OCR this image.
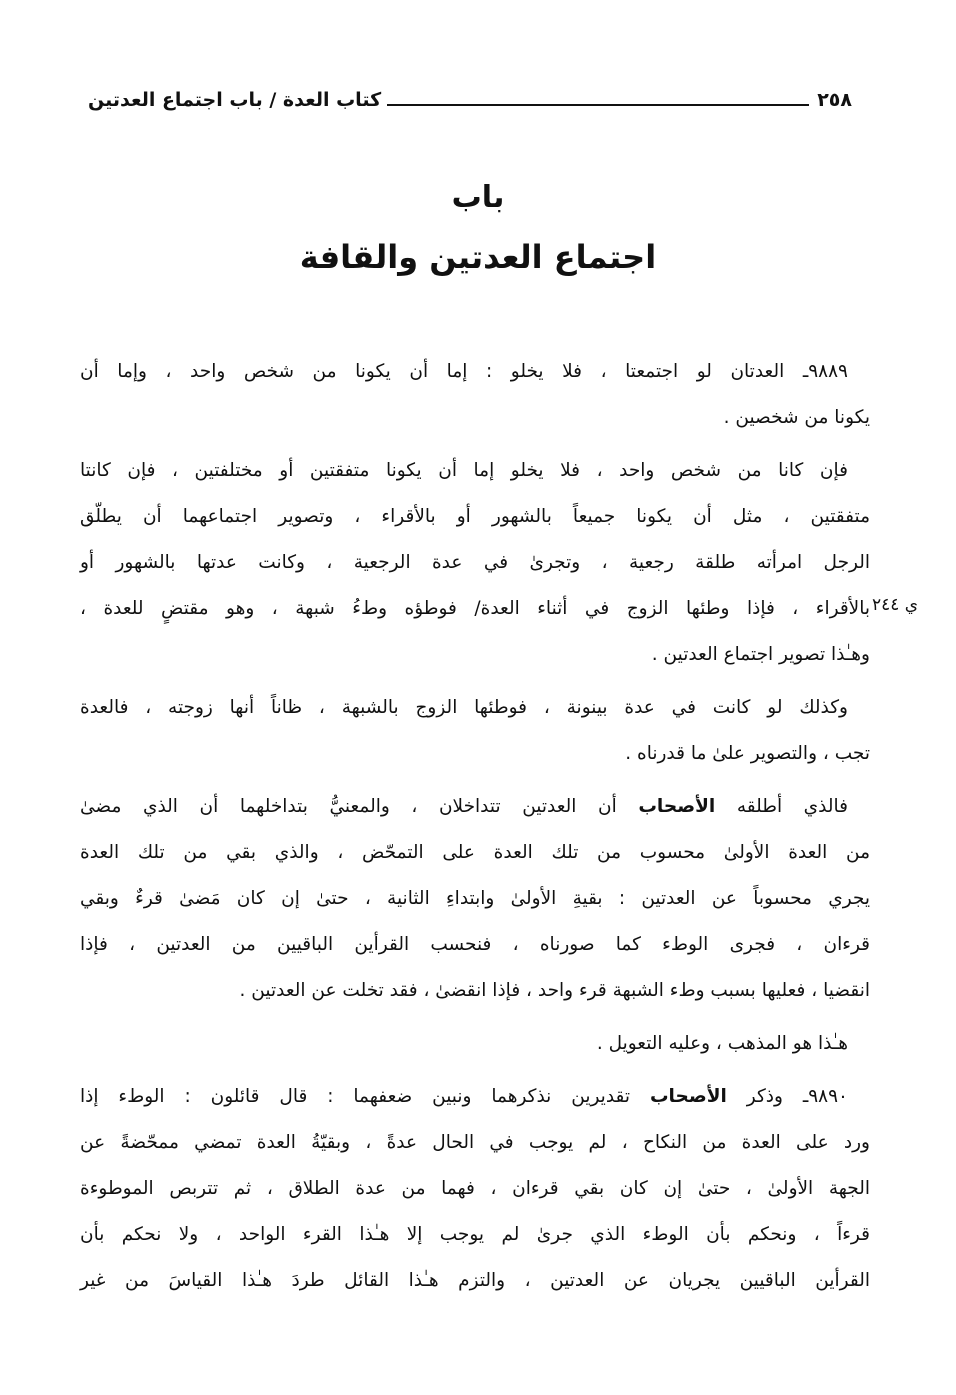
٢٥٨
كتاب العدة / باب اجتماع العدتين
باب
اجتماع العدتين والقافة
ي ٢٤٤
٩٨٨٩ـ العدتان لو اجتمعتا ، فلا يخلو : إما أن يكونا من شخص واحد ، وإما أن
يكونا من شخصين .
فإن كانا من شخص واحد ، فلا يخلو إما أن يكونا متفقتين أو مختلفتين ، فإن كانتا
متفقتين ، مثل أن يكونا جميعاً بالشهور أو بالأقراء ، وتصوير اجتماعهما أن يطلّق
الرجل امرأته طلقة رجعية ، وتجرىٰ في عدة الرجعية ، وكانت عدتها بالشهور أو
بالأقراء ، فإذا وطئها الزوج في أثناء العدة/ فوطؤه وطءُ شبهة ، وهو مقتضٍ للعدة ،
وهـٰذا تصوير اجتماع العدتين .
وكذلك لو كانت في عدة بينونة ، فوطئها الزوج بالشبهة ، ظاناً أنها زوجته ، فالعدة
تجب ، والتصوير علىٰ ما قدرناه .
فالذي أطلقه الأصحاب أن العدتين تتداخلان ، والمعنيُّ بتداخلهما أن الذي مضىٰ
من العدة الأولىٰ محسوب من تلك العدة على التمحّض ، والذي بقي من تلك العدة
يجري محسوباً عن العدتين : بقيةِ الأولىٰ وابتداءِ الثانية ، حتىٰ إن كان مَضىٰ قرءٌ وبقي
قرءان ، فجرى الوطء كما صورناه ، فنحسب القرأين الباقيين من العدتين ، فإذا
انقضيا ، فعليها بسبب وطء الشبهة قرء واحد ، فإذا انقضىٰ ، فقد تخلت عن العدتين .
هـٰذا هو المذهب ، وعليه التعويل .
٩٨٩٠ـ وذكر الأصحاب تقديرين نذكرهما ونبين ضعفهما : قال قائلون : الوطء إذا
ورد على العدة من النكاح ، لم يوجب في الحال عدةً ، وبقيّةُ العدة تمضي ممحّضةً عن
الجهة الأولىٰ ، حتىٰ إن كان بقي قرءان ، فهما من عدة الطلاق ، ثم تتربص الموطوءة
قرءاً ، ونحكم بأن الوطء الذي جرىٰ لم يوجب إلا هـٰذا القرء الواحد ، ولا نحكم بأن
القرأين الباقيين يجريان عن العدتين ، والتزم هـٰذا القائل طردَ هـٰذا القياسَ من غير
